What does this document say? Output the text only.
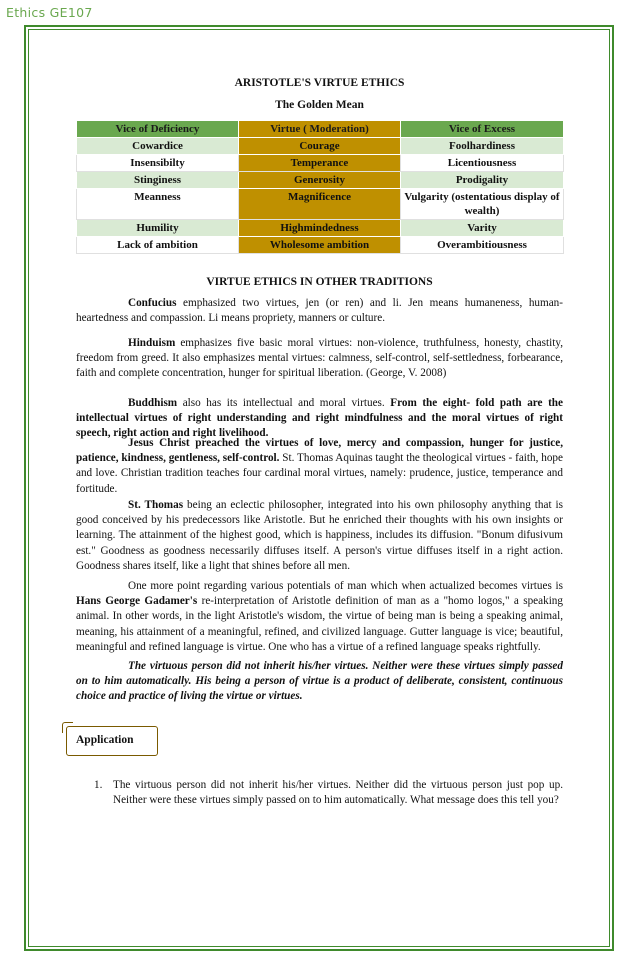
Ethics GE107
ARISTOTLE'S VIRTUE ETHICS
The Golden Mean
Vice of Deficiency	Virtue ( Moderation)	Vice of Excess
Cowardice	Courage	Foolhardiness
Insensibilty	Temperance	Licentiousness
Stinginess	Generosity	Prodigality
Meanness	Magnificence	Vulgarity (ostentatious display of wealth)
Humility	Highmindedness	Varity
Lack of ambition	Wholesome ambition	Overambitiousness
VIRTUE ETHICS IN OTHER TRADITIONS
Confucius emphasized two virtues, jen (or ren) and li. Jen means humaneness, human-heartedness and compassion. Li means propriety, manners or culture.
Hinduism emphasizes five basic moral virtues: non-violence, truthfulness, honesty, chastity, freedom from greed. It also emphasizes mental virtues: calmness, self-control, self-settledness, forbearance, faith and complete concentration, hunger for spiritual liberation. (George, V. 2008)
Buddhism also has its intellectual and moral virtues. From the eight- fold path are the intellectual virtues of right understanding and right mindfulness and the moral virtues of right speech, right action and right livelihood.
Jesus Christ preached the virtues of love, mercy and compassion, hunger for justice, patience, kindness, gentleness, self-control. St. Thomas Aquinas taught the theological virtues - faith, hope and love. Christian tradition teaches four cardinal moral virtues, namely: prudence, justice, temperance and fortitude.
St. Thomas being an eclectic philosopher, integrated into his own philosophy anything that is good conceived by his predecessors like Aristotle. But he enriched their thoughts with his own insights or learning. The attainment of the highest good, which is happiness, includes its diffusion. "Bonum difusivum est." Goodness as goodness necessarily diffuses itself. A person's virtue diffuses itself in a right action. Goodness shares itself, like a light that shines before all men.
One more point regarding various potentials of man which when actualized becomes virtues is Hans George Gadamer's re-interpretation of Aristotle definition of man as a "homo logos," a speaking animal. In other words, in the light Aristotle's wisdom, the virtue of being man is being a speaking animal, meaning, his attainment of a meaningful, refined, and civilized language. Gutter language is vice; beautiful, meaningful and refined language is virtue. One who has a virtue of a refined language speaks rightfully.
The virtuous person did not inherit his/her virtues. Neither were these virtues simply passed on to him automatically. His being a person of virtue is a product of deliberate, consistent, continuous choice and practice of living the virtue or virtues.
Application
1. The virtuous person did not inherit his/her virtues. Neither did the virtuous person just pop up. Neither were these virtues simply passed on to him automatically. What message does this tell you?
